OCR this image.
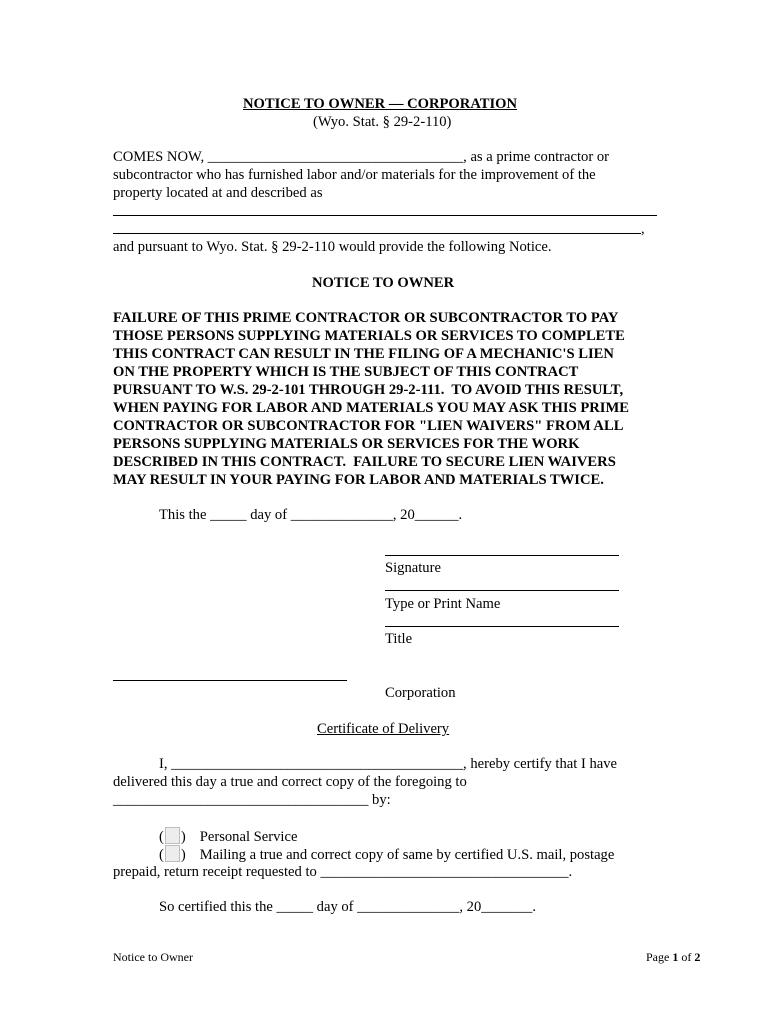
NOTICE TO OWNER — CORPORATION
(Wyo. Stat. § 29-2-110)
COMES NOW, ___________________________________, as a prime contractor or
subcontractor who has furnished labor and/or materials for the improvement of the
property located at and described as
,
and pursuant to Wyo. Stat. § 29-2-110 would provide the following Notice.
NOTICE TO OWNER
FAILURE OF THIS PRIME CONTRACTOR OR SUBCONTRACTOR TO PAY
THOSE PERSONS SUPPLYING MATERIALS OR SERVICES TO COMPLETE
THIS CONTRACT CAN RESULT IN THE FILING OF A MECHANIC'S LIEN
ON THE PROPERTY WHICH IS THE SUBJECT OF THIS CONTRACT
PURSUANT TO W.S. 29-2-101 THROUGH 29-2-111.  TO AVOID THIS RESULT,
WHEN PAYING FOR LABOR AND MATERIALS YOU MAY ASK THIS PRIME
CONTRACTOR OR SUBCONTRACTOR FOR "LIEN WAIVERS" FROM ALL
PERSONS SUPPLYING MATERIALS OR SERVICES FOR THE WORK
DESCRIBED IN THIS CONTRACT.  FAILURE TO SECURE LIEN WAIVERS
MAY RESULT IN YOUR PAYING FOR LABOR AND MATERIALS TWICE.
This the _____ day of ______________, 20______.
Signature
Type or Print Name
Title
Corporation
Certificate of Delivery
I, ________________________________________, hereby certify that I have
delivered this day a true and correct copy of the foregoing to
___________________________________ by:
( ) Personal Service
( ) Mailing a true and correct copy of same by certified U.S. mail, postage
prepaid, return receipt requested to __________________________________.
So certified this the _____ day of ______________, 20_______.
Notice to Owner	Page 1 of 2
